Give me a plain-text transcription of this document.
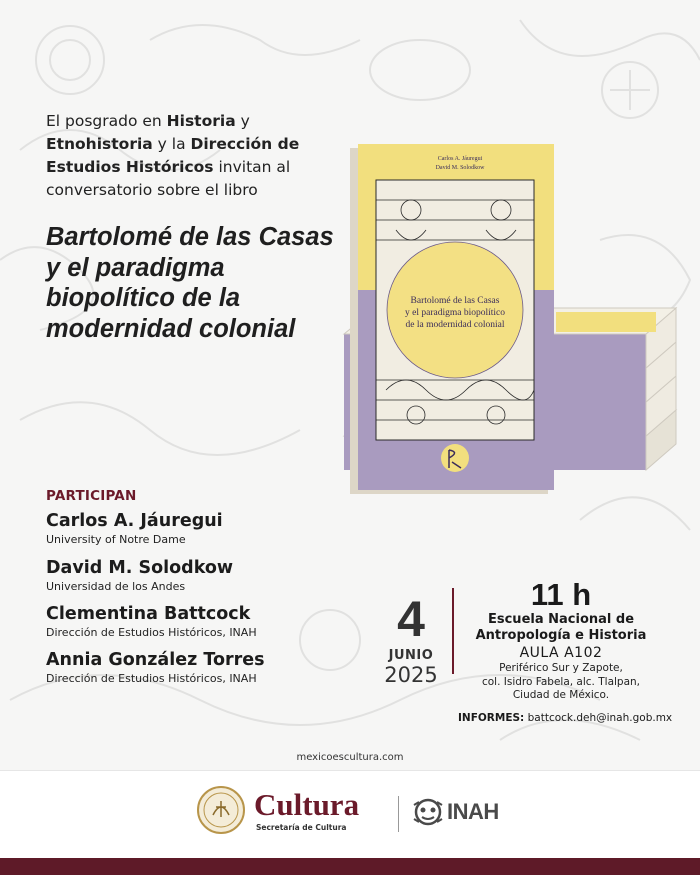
El posgrado en Historia y Etnohistoria y la Dirección de Estudios Históricos invitan al conversatorio sobre el libro
Bartolomé de las Casas y el paradigma biopolítico de la modernidad colonial
Bartolomé de las Casas
y el paradigma biopolítico
de la modernidad colonial
Carlos A. Jáuregui
David M. Solodkow
PARTICIPAN
Carlos A. Jáuregui
University of Notre Dame
David M. Solodkow
Universidad de los Andes
Clementina Battcock
Dirección de Estudios Históricos, INAH
Annia González Torres
Dirección de Estudios Históricos, INAH
4
JUNIO
2025
11 h
Escuela Nacional de
Antropología e Historia
AULA A102
Periférico Sur y Zapote,
col. Isidro Fabela, alc. Tlalpan,
Ciudad de México.
INFORMES: battcock.deh@inah.gob.mx
mexicoescultura.com
Cultura
Secretaría de Cultura
INAH
